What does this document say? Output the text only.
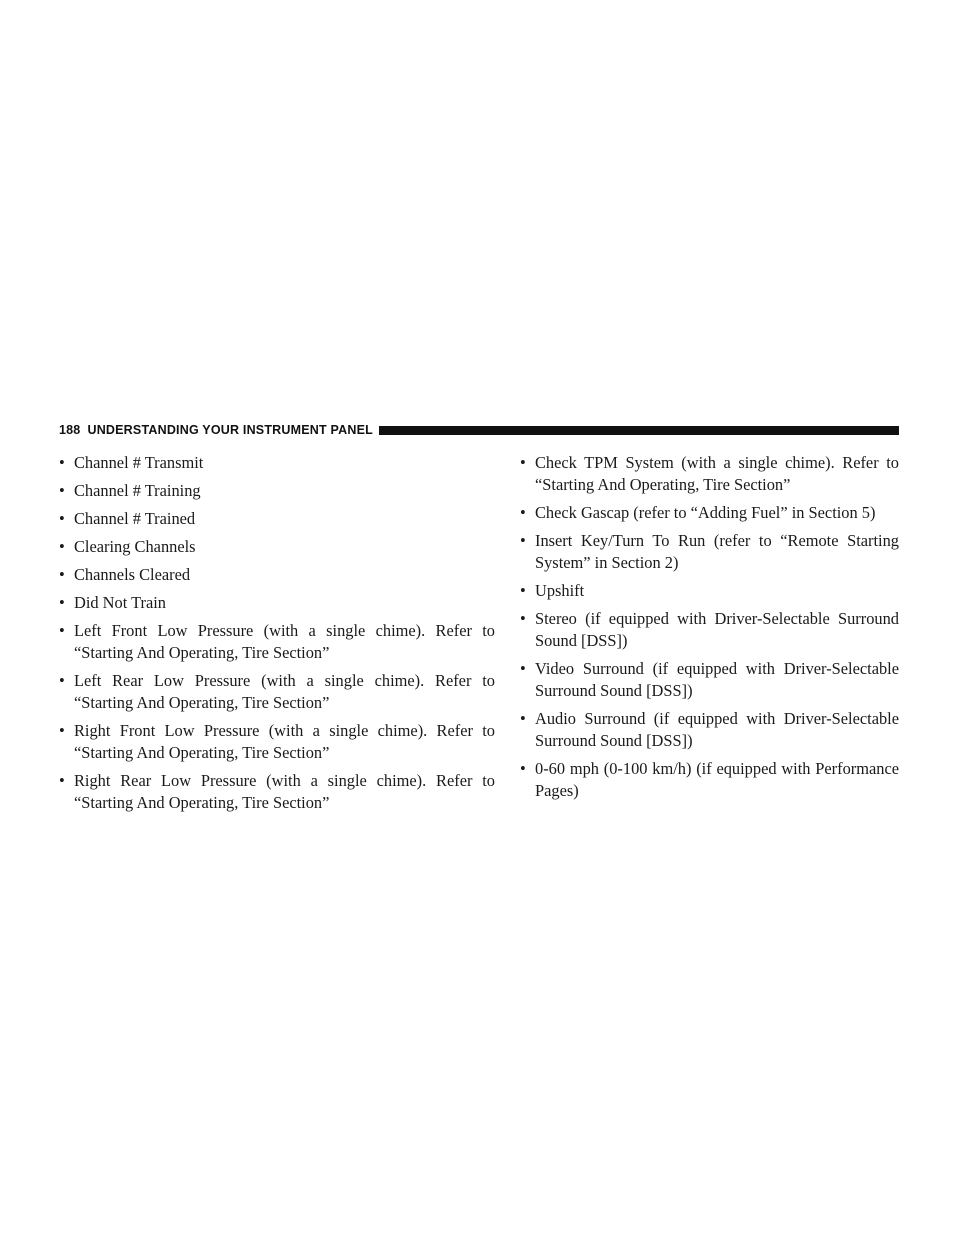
188 UNDERSTANDING YOUR INSTRUMENT PANEL
• Channel # Transmit
• Channel # Training
• Channel # Trained
• Clearing Channels
• Channels Cleared
• Did Not Train
• Left Front Low Pressure (with a single chime). Refer to “Starting And Operating, Tire Section”
• Left Rear Low Pressure (with a single chime). Refer to “Starting And Operating, Tire Section”
• Right Front Low Pressure (with a single chime). Refer to “Starting And Operating, Tire Section”
• Right Rear Low Pressure (with a single chime). Refer to “Starting And Operating, Tire Section”
• Check TPM System (with a single chime). Refer to “Starting And Operating, Tire Section”
• Check Gascap (refer to “Adding Fuel” in Section 5)
• Insert Key/Turn To Run (refer to “Remote Starting System” in Section 2)
• Upshift
• Stereo (if equipped with Driver-Selectable Surround Sound [DSS])
• Video Surround (if equipped with Driver-Selectable Surround Sound [DSS])
• Audio Surround (if equipped with Driver-Selectable Surround Sound [DSS])
• 0-60 mph (0-100 km/h) (if equipped with Performance Pages)
